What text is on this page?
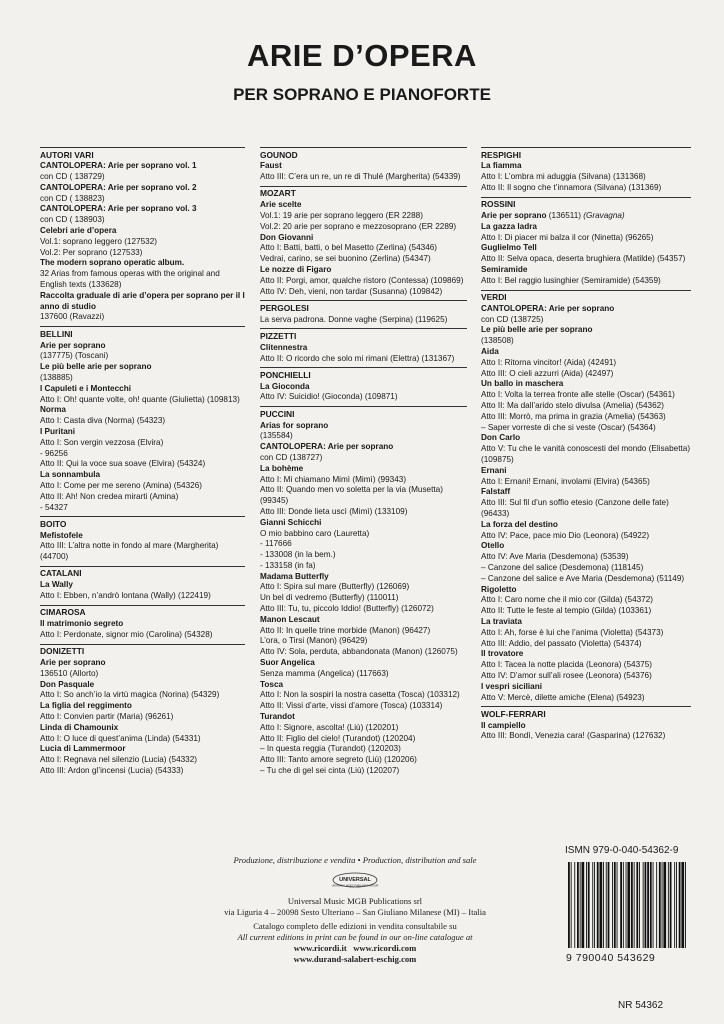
ARIE D’OPERA
PER SOPRANO E PIANOFORTE
AUTORI VARI
CANTOLOPERA: Arie per soprano vol. 1
con CD ( 138729)
CANTOLOPERA: Arie per soprano vol. 2
con CD ( 138823)
CANTOLOPERA: Arie per soprano vol. 3
con CD ( 138903)
Celebri arie d’opera
Vol.1: soprano leggero (127532)
Vol.2: Per soprano (127533)
The modern soprano operatic album.
32 Arias from famous operas with the original and English texts (133628)
Raccolta graduale di arie d’opera per soprano per il I anno di studio
137600 (Ravazzi)
BELLINI
Arie per soprano
(137775) (Toscani)
Le più belle arie per soprano
(138885)
I Capuleti e i Montecchi
Atto I: Oh! quante volte, oh! quante (Giulietta) (109813)
Norma
Atto I: Casta diva (Norma) (54323)
I Puritani
Atto I: Son vergin vezzosa (Elvira)
- 96256
Atto II: Qui la voce sua soave (Elvira) (54324)
La sonnambula
Atto I: Come per me sereno (Amina) (54326)
Atto II: Ah! Non credea mirarti (Amina)
- 54327
BOITO
Mefistofele
Atto III: L’altra notte in fondo al mare (Margherita) (44700)
CATALANI
La Wally
Atto I: Ebben, n’andrò lontana (Wally) (122419)
CIMAROSA
Il matrimonio segreto
Atto I: Perdonate, signor mio (Carolina) (54328)
DONIZETTI
Arie per soprano
136510 (Allorto)
Don Pasquale
Atto I: So anch’io la virtù magica (Norina) (54329)
La figlia del reggimento
Atto I: Convien partir (Maria) (96261)
Linda di Chamounix
Atto I: O luce di quest’anima (Linda) (54331)
Lucia di Lammermoor
Atto I: Regnava nel silenzio (Lucia) (54332)
Atto III: Ardon gl’incensi (Lucia) (54333)
GOUNOD
Faust
Atto III: C’era un re, un re di Thulé (Margherita) (54339)
MOZART
Arie scelte
Vol.1: 19 arie per soprano leggero (ER 2288)
Vol.2: 20 arie per soprano e mezzosoprano (ER 2289)
Don Giovanni
Atto I: Batti, batti, o bel Masetto (Zerlina) (54346)
Vedrai, carino, se sei buonino (Zerlina) (54347)
Le nozze di Figaro
Atto II: Porgi, amor, qualche ristoro (Contessa) (109869)
Atto IV: Deh, vieni, non tardar (Susanna) (109842)
PERGOLESI
La serva padrona. Donne vaghe (Serpina) (119625)
PIZZETTI
Clitennestra
Atto II: O ricordo che solo mi rimani (Elettra) (131367)
PONCHIELLI
La Gioconda
Atto IV: Suicidio! (Gioconda) (109871)
PUCCINI
Arias for soprano
(135584)
CANTOLOPERA: Arie per soprano
con CD (138727)
La bohème
Atto I: Mi chiamano Mimì (Mimì) (99343)
Atto II: Quando men vo soletta per la via (Musetta) (99345)
Atto III: Donde lieta uscì (Mimì) (133109)
Gianni Schicchi
O mio babbino caro (Lauretta)
- 117666
- 133008 (in la bem.)
- 133158 (in fa)
Madama Butterfly
Atto I: Spira sul mare (Butterfly) (126069)
Un bel dì vedremo (Butterfly) (110011)
Atto III: Tu, tu, piccolo Iddio! (Butterfly) (126072)
Manon Lescaut
Atto II: In quelle trine morbide (Manon) (96427)
L’ora, o Tirsi (Manon) (96429)
Atto IV: Sola, perduta, abbandonata (Manon) (126075)
Suor Angelica
Senza mamma (Angelica) (117663)
Tosca
Atto I: Non la sospiri la nostra casetta (Tosca) (103312)
Atto II: Vissi d’arte, vissi d’amore (Tosca) (103314)
Turandot
Atto I: Signore, ascolta! (Liù) (120201)
Atto II: Figlio del cielo! (Turandot) (120204)
– In questa reggia (Turandot) (120203)
Atto III: Tanto amore segreto (Liù) (120206)
– Tu che di gel sei cinta (Liù) (120207)
RESPIGHI
La fiamma
Atto I: L’ombra mi aduggia (Silvana) (131368)
Atto II: Il sogno che t’innamora (Silvana) (131369)
ROSSINI
Arie per soprano (136511) (Gravagna)
La gazza ladra
Atto I: Di piacer mi balza il cor (Ninetta) (96265)
Guglielmo Tell
Atto II: Selva opaca, deserta brughiera (Matilde) (54357)
Semiramide
Atto I: Bel raggio lusinghier (Semiramide) (54359)
VERDI
CANTOLOPERA: Arie per soprano
con CD (138725)
Le più belle arie per soprano
(138508)
Aida
Atto I: Ritorna vincitor! (Aida) (42491)
Atto III: O cieli azzurri (Aida) (42497)
Un ballo in maschera
Atto I: Volta la terrea fronte alle stelle (Oscar) (54361)
Atto II: Ma dall’arido stelo divulsa (Amelia) (54362)
Atto III: Morrò, ma prima in grazia (Amelia) (54363)
– Saper vorreste di che si veste (Oscar) (54364)
Don Carlo
Atto V: Tu che le vanità conoscesti del mondo (Elisabetta) (109875)
Ernani
Atto I: Ernani! Ernani, involami (Elvira) (54365)
Falstaff
Atto III: Sul fil d’un soffio etesio (Canzone delle fate) (96433)
La forza del destino
Atto IV: Pace, pace mio Dio (Leonora) (54922)
Otello
Atto IV: Ave Maria (Desdemona) (53539)
– Canzone del salice (Desdemona) (118145)
– Canzone del salice e Ave Maria (Desdemona) (51149)
Rigoletto
Atto I: Caro nome che il mio cor (Gilda) (54372)
Atto II: Tutte le feste al tempio (Gilda) (103361)
La traviata
Atto I: Ah, forse è lui che l’anima (Violetta) (54373)
Atto III: Addio, del passato (Violetta) (54374)
Il trovatore
Atto I: Tacea la notte placida (Leonora) (54375)
Atto IV: D’amor sull’ali rosee (Leonora) (54376)
I vespri siciliani
Atto V: Mercè, dilette amiche (Elena) (54923)
WOLF-FERRARI
Il campiello
Atto III: Bondì, Venezia cara! (Gasparina) (127632)
Produzione, distribuzione e vendita • Production, distribution and sale
UNIVERSAL
UNIVERSAL MUSIC PUBLISHING GROUP
Universal Music MGB Publications srl
via Liguria 4 – 20098 Sesto Ulteriano – San Giuliano Milanese (MI) – Italia
Catalogo completo delle edizioni in vendita consultabile su
All current editions in print can be found in our on-line catalogue at
www.ricordi.it www.ricordi.com
www.durand-salabert-eschig.com
ISMN 979-0-040-54362-9
9 790040 543629
NR 54362
